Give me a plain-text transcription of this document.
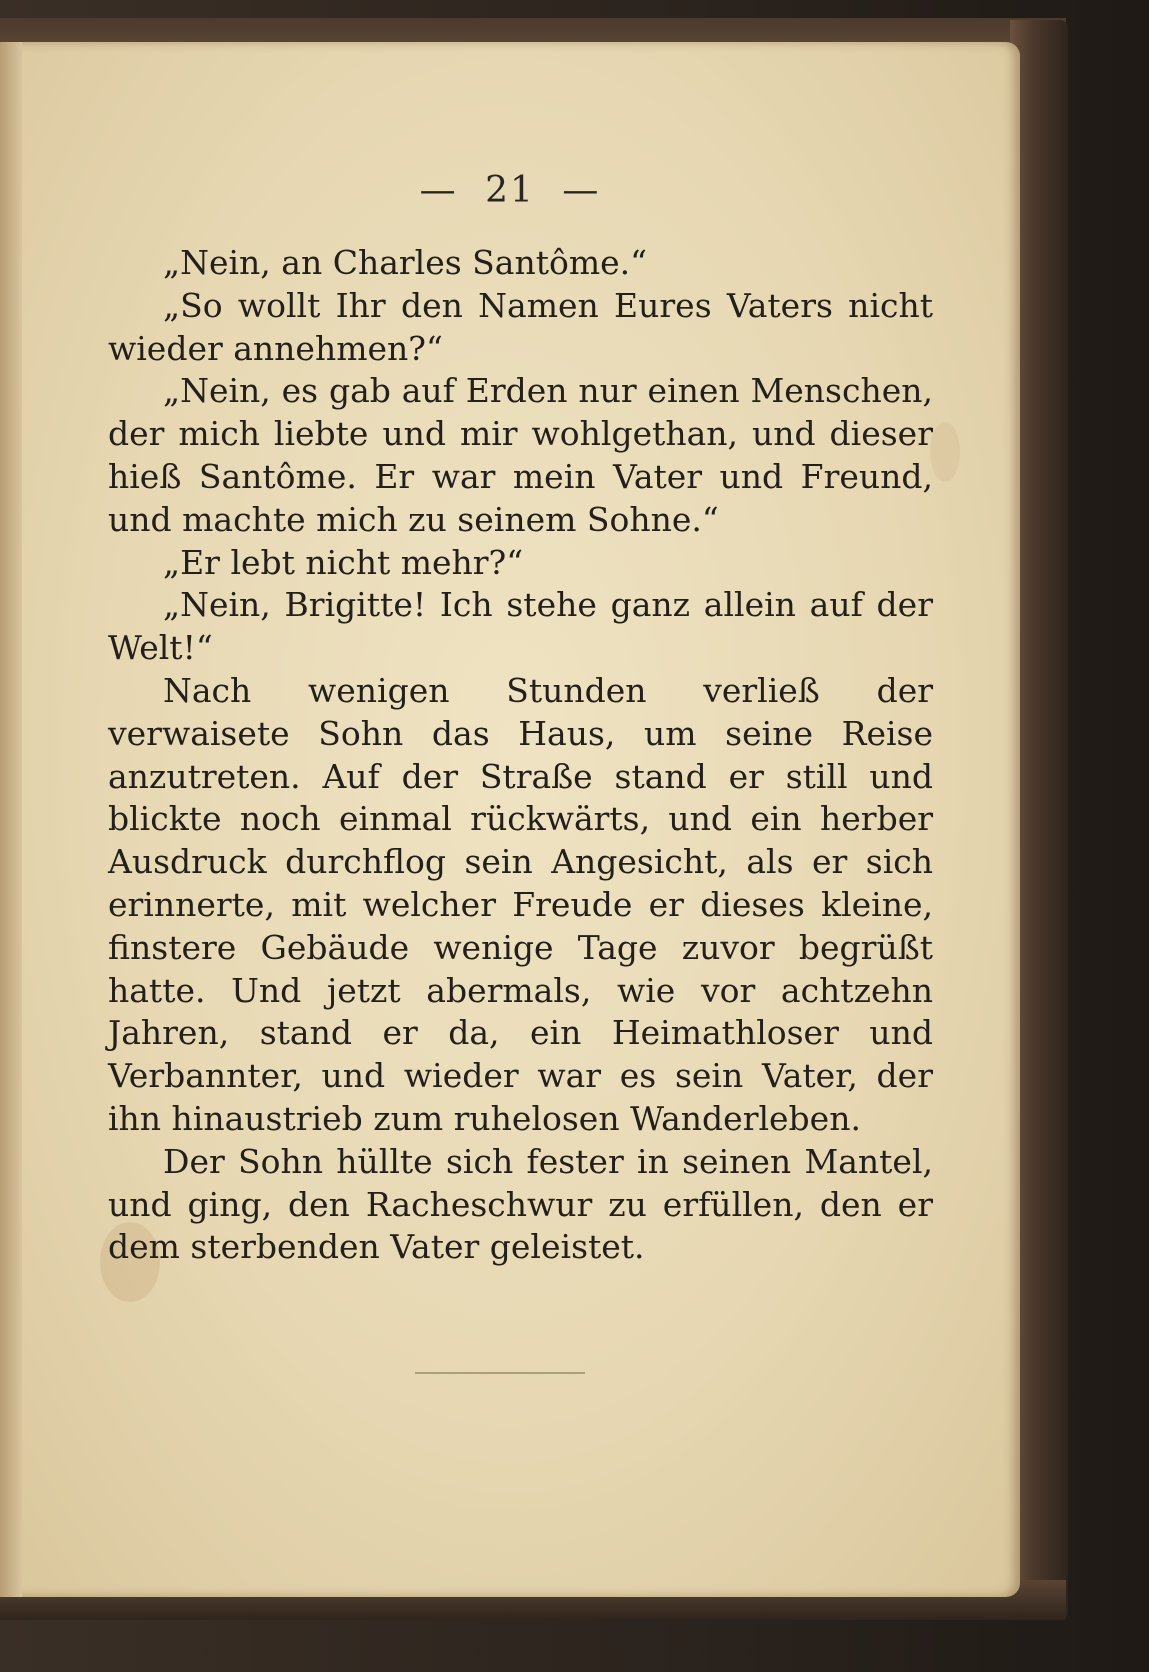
— 21 —

„Nein, an Charles Santôme.“

„So wollt Ihr den Namen Eures Vaters nicht wieder annehmen?“

„Nein, es gab auf Erden nur einen Menschen, der mich liebte und mir wohlgethan, und dieser hieß Santôme. Er war mein Vater und Freund, und machte mich zu seinem Sohne.“

„Er lebt nicht mehr?“

„Nein, Brigitte! Ich stehe ganz allein auf der Welt!“

Nach wenigen Stunden verließ der verwaisete Sohn das Haus, um seine Reise anzutreten. Auf der Straße stand er still und blickte noch einmal rückwärts, und ein herber Ausdruck durchflog sein Angesicht, als er sich erinnerte, mit welcher Freude er dieses kleine, finstere Gebäude wenige Tage zuvor begrüßt hatte. Und jetzt abermals, wie vor achtzehn Jahren, stand er da, ein Heimathloser und Verbannter, und wieder war es sein Vater, der ihn hinaustrieb zum ruhelosen Wanderleben.

Der Sohn hüllte sich fester in seinen Mantel, und ging, den Racheschwur zu erfüllen, den er dem sterbenden Vater geleistet.
